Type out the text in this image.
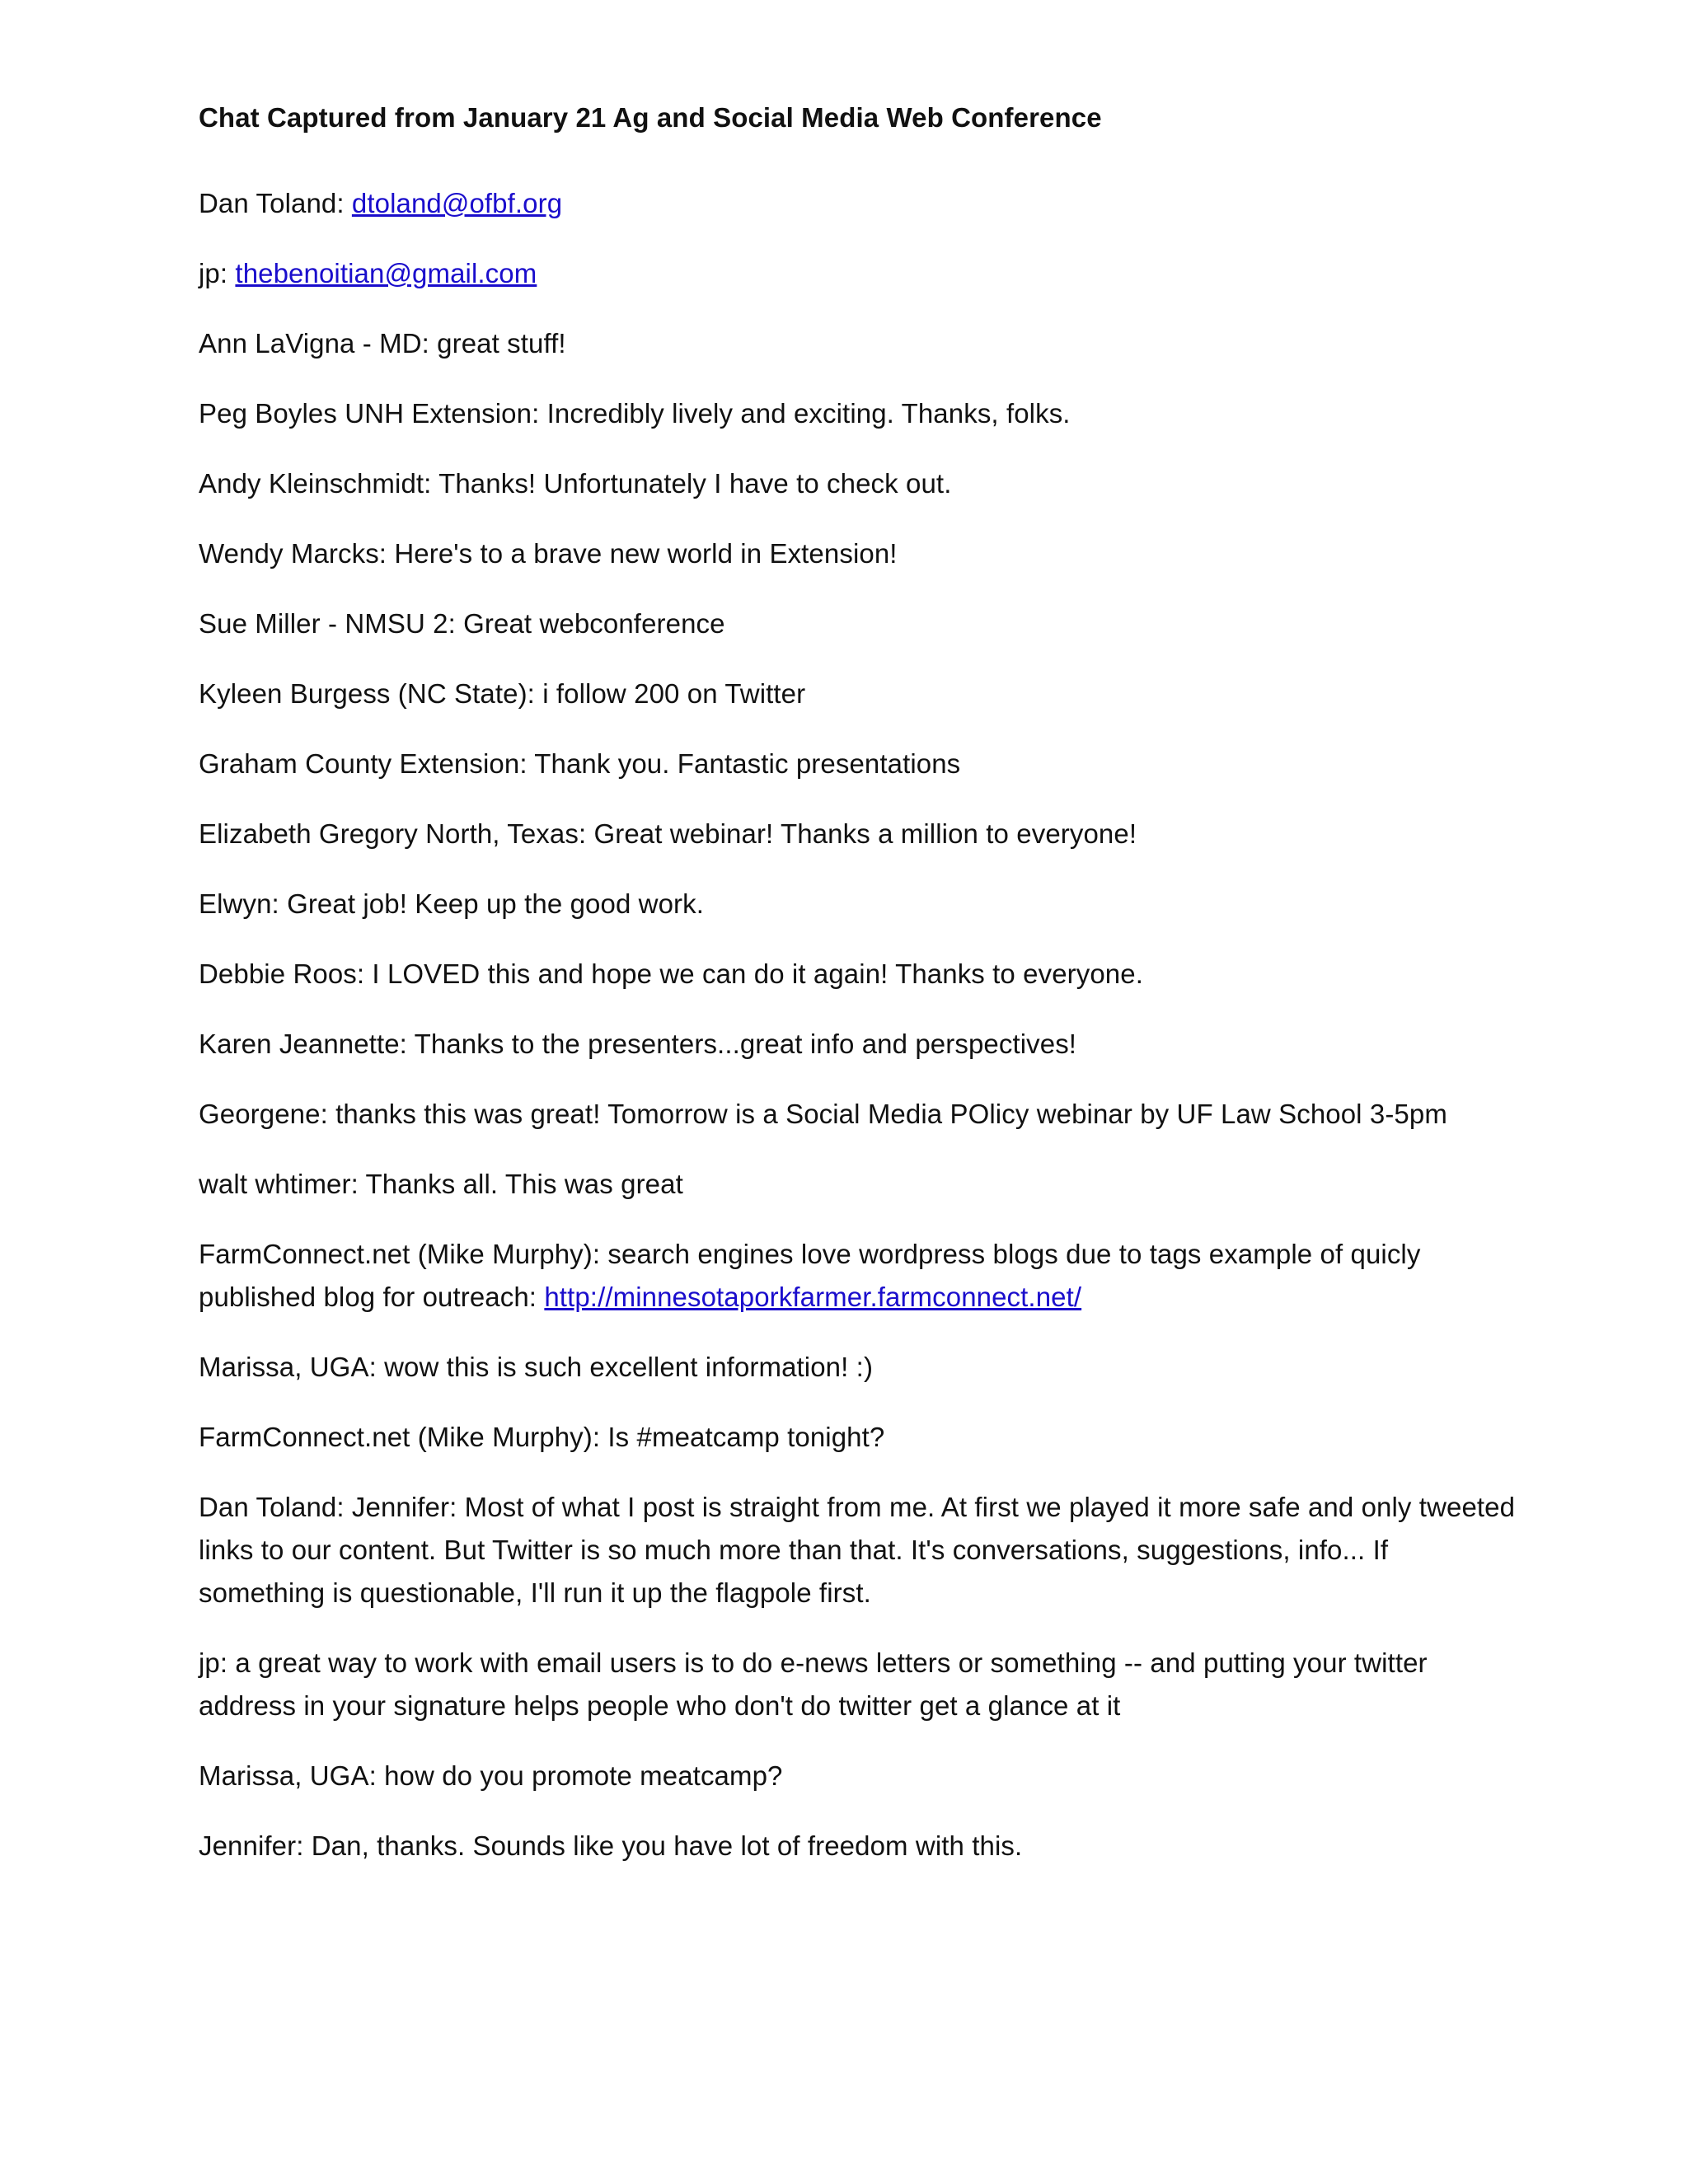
Chat Captured from January 21 Ag and Social Media Web Conference
Dan Toland: dtoland@ofbf.org
jp: thebenoitian@gmail.com
Ann LaVigna - MD: great stuff!
Peg Boyles UNH Extension: Incredibly lively and exciting. Thanks, folks.
Andy Kleinschmidt: Thanks! Unfortunately I have to check out.
Wendy Marcks: Here's to a brave new world in Extension!
Sue Miller - NMSU 2: Great webconference
Kyleen Burgess (NC State): i follow 200 on Twitter
Graham County Extension: Thank you. Fantastic presentations
Elizabeth Gregory North, Texas: Great webinar! Thanks a million to everyone!
Elwyn: Great job! Keep up the good work.
Debbie Roos: I LOVED this and hope we can do it again! Thanks to everyone.
Karen Jeannette: Thanks to the presenters...great info and perspectives!
Georgene: thanks this was great! Tomorrow is a Social Media POlicy webinar by UF Law School 3-5pm
walt whtimer: Thanks all. This was great
FarmConnect.net (Mike Murphy): search engines love wordpress blogs due to tags example of quicly published blog for outreach: http://minnesotaporkfarmer.farmconnect.net/
Marissa, UGA: wow this is such excellent information! :)
FarmConnect.net (Mike Murphy): Is #meatcamp tonight?
Dan Toland: Jennifer: Most of what I post is straight from me. At first we played it more safe and only tweeted links to our content. But Twitter is so much more than that. It's conversations, suggestions, info... If something is questionable, I'll run it up the flagpole first.
jp: a great way to work with email users is to do e-news letters or something -- and putting your twitter address in your signature helps people who don't do twitter get a glance at it
Marissa, UGA: how do you promote meatcamp?
Jennifer: Dan, thanks. Sounds like you have lot of freedom with this.
